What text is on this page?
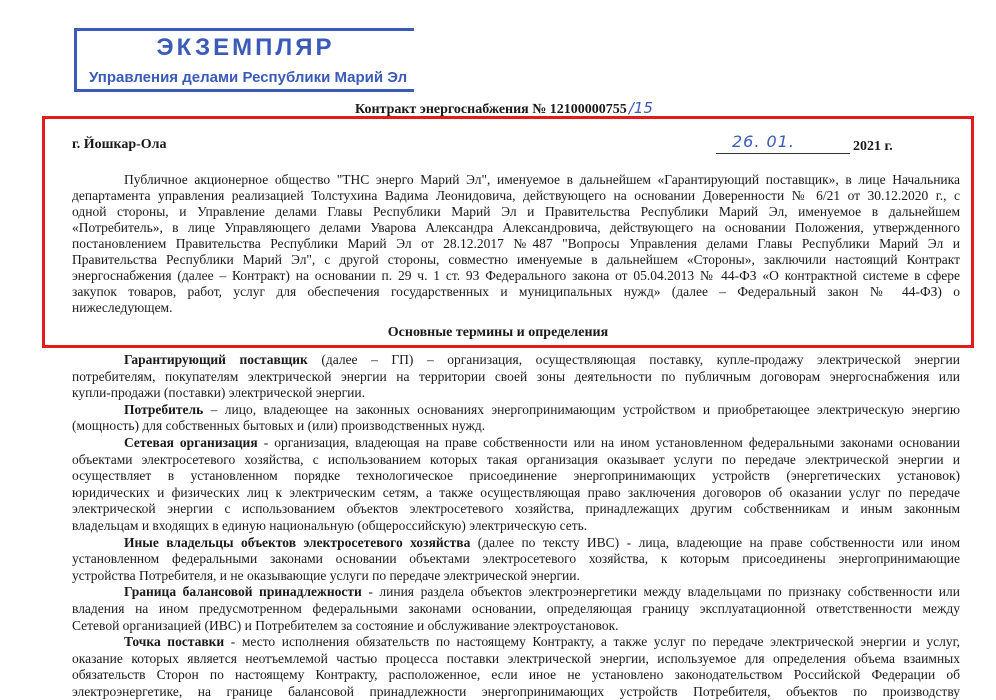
ЭКЗЕМПЛЯР
Управления делами Республики Марий Эл
Контракт энергоснабжения № 12100000755 /15
г. Йошкар-Ола	26. 01.	2021 г.
Публичное акционерное общество "ТНС энерго Марий Эл", именуемое в дальнейшем «Гарантирующий поставщик», в лице Начальника
департамента управления реализацией Толстухина Вадима Леонидовича, действующего на основании Доверенности № 6/21 от 30.12.2020 г., с
одной стороны, и Управление делами Главы Республики Марий Эл и Правительства Республики Марий Эл, именуемое в дальнейшем
«Потребитель», в лице Управляющего делами Уварова Александра Александровича, действующего на основании Положения, утвержденного
постановлением Правительства Республики Марий Эл от 28.12.2017 №487 "Вопросы Управления делами Главы Республики Марий Эл и
Правительства Республики Марий Эл", с другой стороны, совместно именуемые в дальнейшем «Стороны», заключили настоящий Контракт
энергоснабжения (далее – Контракт) на основании п. 29 ч. 1 ст. 93 Федерального закона от 05.04.2013 № 44-ФЗ «О контрактной системе в сфере
закупок товаров, работ, услуг для обеспечения государственных и муниципальных нужд» (далее – Федеральный закон № 44-ФЗ) о
нижеследующем.
Основные термины и определения
Гарантирующий поставщик (далее – ГП) – организация, осуществляющая поставку, купле-продажу электрической энергии
потребителям, покупателям электрической энергии на территории своей зоны деятельности по публичным договорам энергоснабжения или
купли-продажи (поставки) электрической энергии.
Потребитель – лицо, владеющее на законных основаниях энергопринимающим устройством и приобретающее электрическую энергию
(мощность) для собственных бытовых и (или) производственных нужд.
Сетевая организация - организация, владеющая на праве собственности или на ином установленном федеральными законами основании
объектами электросетевого хозяйства, с использованием которых такая организация оказывает услуги по передаче электрической энергии и
осуществляет в установленном порядке технологическое присоединение энергопринимающих устройств (энергетических установок)
юридических и физических лиц к электрическим сетям, а также осуществляющая право заключения договоров об оказании услуг по передаче
электрической энергии с использованием объектов электросетевого хозяйства, принадлежащих другим собственникам и иным законным
владельцам и входящих в единую национальную (общероссийскую) электрическую сеть.
Иные владельцы объектов электросетевого хозяйства (далее по тексту ИВС) - лица, владеющие на праве собственности или ином
установленном федеральными законами основании объектами электросетевого хозяйства, к которым присоединены энергопринимающие
устройства Потребителя, и не оказывающие услуги по передаче электрической энергии.
Граница балансовой принадлежности - линия раздела объектов электроэнергетики между владельцами по признаку собственности или
владения на ином предусмотренном федеральными законами основании, определяющая границу эксплуатационной ответственности между
Сетевой организацией (ИВС) и Потребителем за состояние и обслуживание электроустановок.
Точка поставки - место исполнения обязательств по настоящему Контракту, а также услуг по передаче электрической энергии и услуг,
оказание которых является неотъемлемой частью процесса поставки электрической энергии, используемое для определения объема взаимных
обязательств Сторон по настоящему Контракту, расположенное, если иное не установлено законодательством Российской Федерации об
электроэнергетике, на границе балансовой принадлежности энергопринимающих устройств Потребителя, объектов по производству
